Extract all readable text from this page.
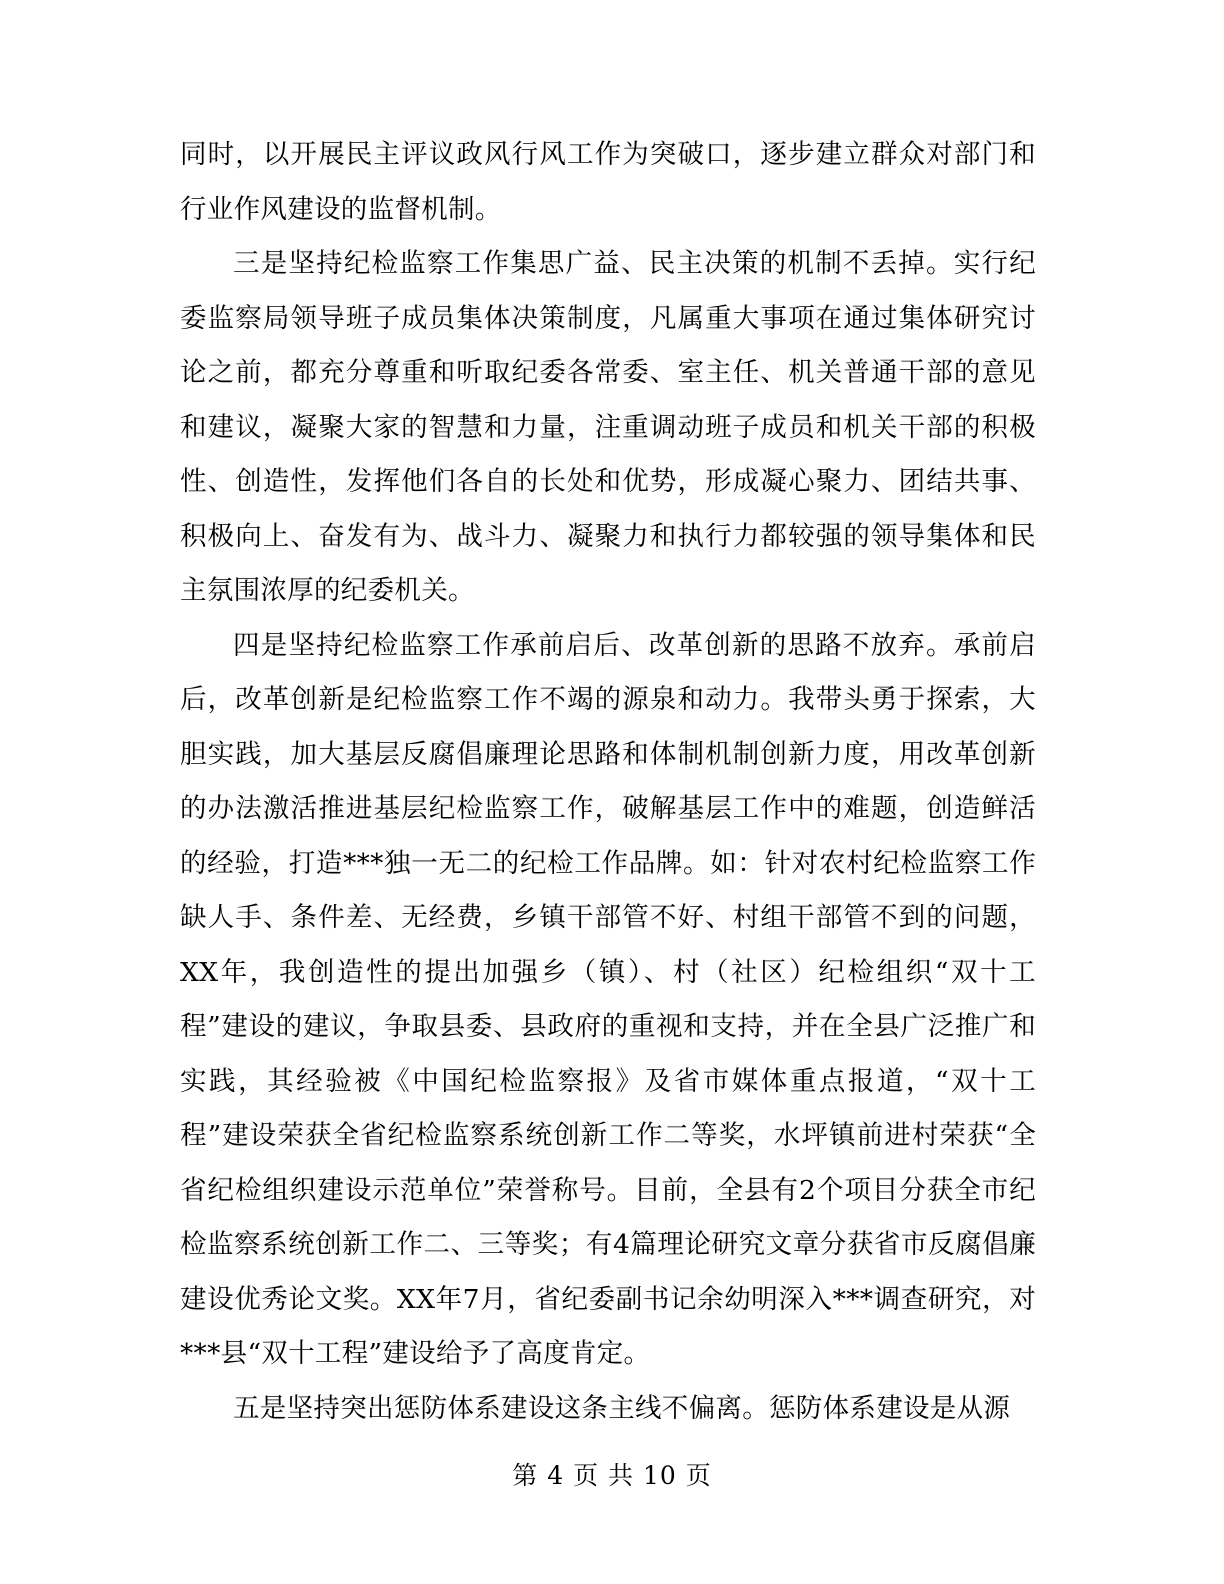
同时，以开展民主评议政风行风工作为突破口，逐步建立群众对部门和行业作风建设的监督机制。

三是坚持纪检监察工作集思广益、民主决策的机制不丢掉。实行纪委监察局领导班子成员集体决策制度，凡属重大事项在通过集体研究讨论之前，都充分尊重和听取纪委各常委、室主任、机关普通干部的意见和建议，凝聚大家的智慧和力量，注重调动班子成员和机关干部的积极性、创造性，发挥他们各自的长处和优势，形成凝心聚力、团结共事、积极向上、奋发有为、战斗力、凝聚力和执行力都较强的领导集体和民主氛围浓厚的纪委机关。

四是坚持纪检监察工作承前启后、改革创新的思路不放弃。承前启后，改革创新是纪检监察工作不竭的源泉和动力。我带头勇于探索，大胆实践，加大基层反腐倡廉理论思路和体制机制创新力度，用改革创新的办法激活推进基层纪检监察工作，破解基层工作中的难题，创造鲜活的经验，打造***独一无二的纪检工作品牌。如：针对农村纪检监察工作缺人手、条件差、无经费，乡镇干部管不好、村组干部管不到的问题，XX年，我创造性的提出加强乡（镇）、村（社区）纪检组织“双十工程”建设的建议，争取县委、县政府的重视和支持，并在全县广泛推广和实践，其经验被《中国纪检监察报》及省市媒体重点报道，“双十工程”建设荣获全省纪检监察系统创新工作二等奖，水坪镇前进村荣获“全省纪检组织建设示范单位”荣誉称号。目前，全县有2个项目分获全市纪检监察系统创新工作二、三等奖；有4篇理论研究文章分获省市反腐倡廉建设优秀论文奖。XX年7月，省纪委副书记余幼明深入***调查研究，对***县“双十工程”建设给予了高度肯定。

五是坚持突出惩防体系建设这条主线不偏离。惩防体系建设是从源

第 4 页 共 10 页
